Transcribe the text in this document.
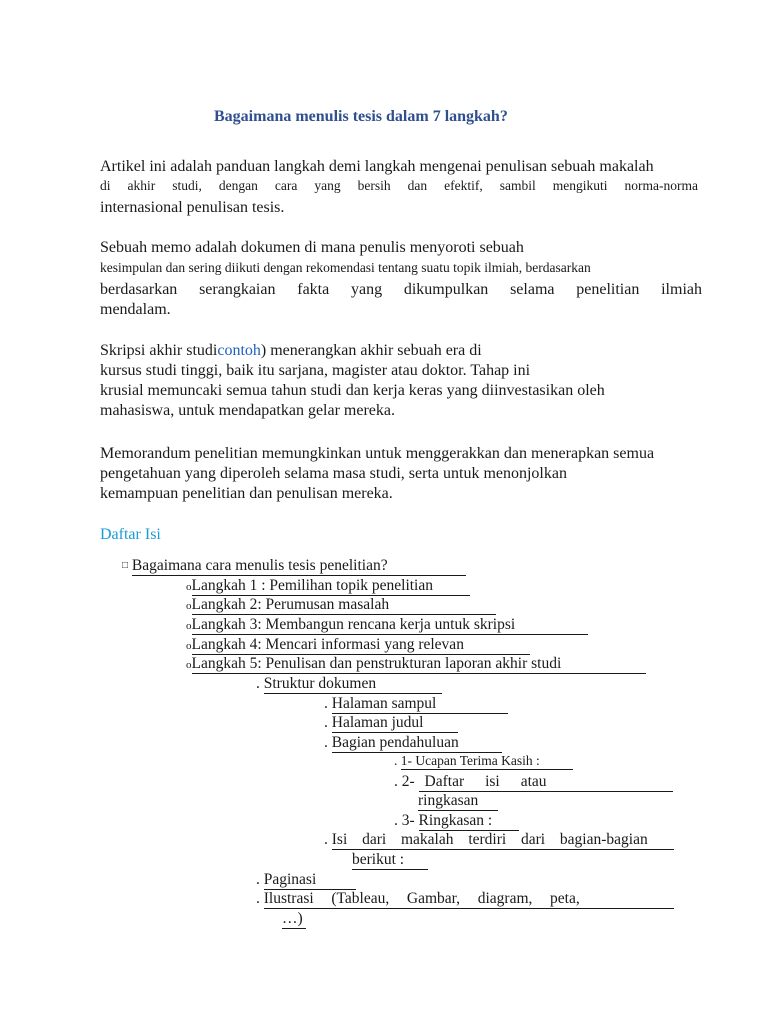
Bagaimana menulis tesis dalam 7 langkah?
Artikel ini adalah panduan langkah demi langkah mengenai penulisan sebuah makalah
di akhir studi, dengan cara yang bersih dan efektif, sambil mengikuti norma-norma
internasional penulisan tesis.
Sebuah memo adalah dokumen di mana penulis menyoroti sebuah
kesimpulan dan sering diikuti dengan rekomendasi tentang suatu topik ilmiah, berdasarkan
berdasarkan serangkaian fakta yang dikumpulkan selama penelitian ilmiah
mendalam.
Skripsi akhir studicontoh) menerangkan akhir sebuah era di
kursus studi tinggi, baik itu sarjana, magister atau doktor. Tahap ini
krusial memuncaki semua tahun studi dan kerja keras yang diinvestasikan oleh
mahasiswa, untuk mendapatkan gelar mereka.
Memorandum penelitian memungkinkan untuk menggerakkan dan menerapkan semua
pengetahuan yang diperoleh selama masa studi, serta untuk menonjolkan
kemampuan penelitian dan penulisan mereka.
Daftar Isi
□ Bagaimana cara menulis tesis penelitian?
oLangkah 1 : Pemilihan topik penelitian
oLangkah 2: Perumusan masalah
oLangkah 3: Membangun rencana kerja untuk skripsi
oLangkah 4: Mencari informasi yang relevan
oLangkah 5: Penulisan dan penstrukturan laporan akhir studi
. Struktur dokumen
. Halaman sampul
. Halaman judul
. Bagian pendahuluan
. 1- Ucapan Terima Kasih :
. 2- Daftar isi atau
ringkasan
. 3- Ringkasan :
. Isi dari makalah terdiri dari bagian-bagian
berikut :
. Paginasi
. Ilustrasi (Tableau, Gambar, diagram, peta,
…)
